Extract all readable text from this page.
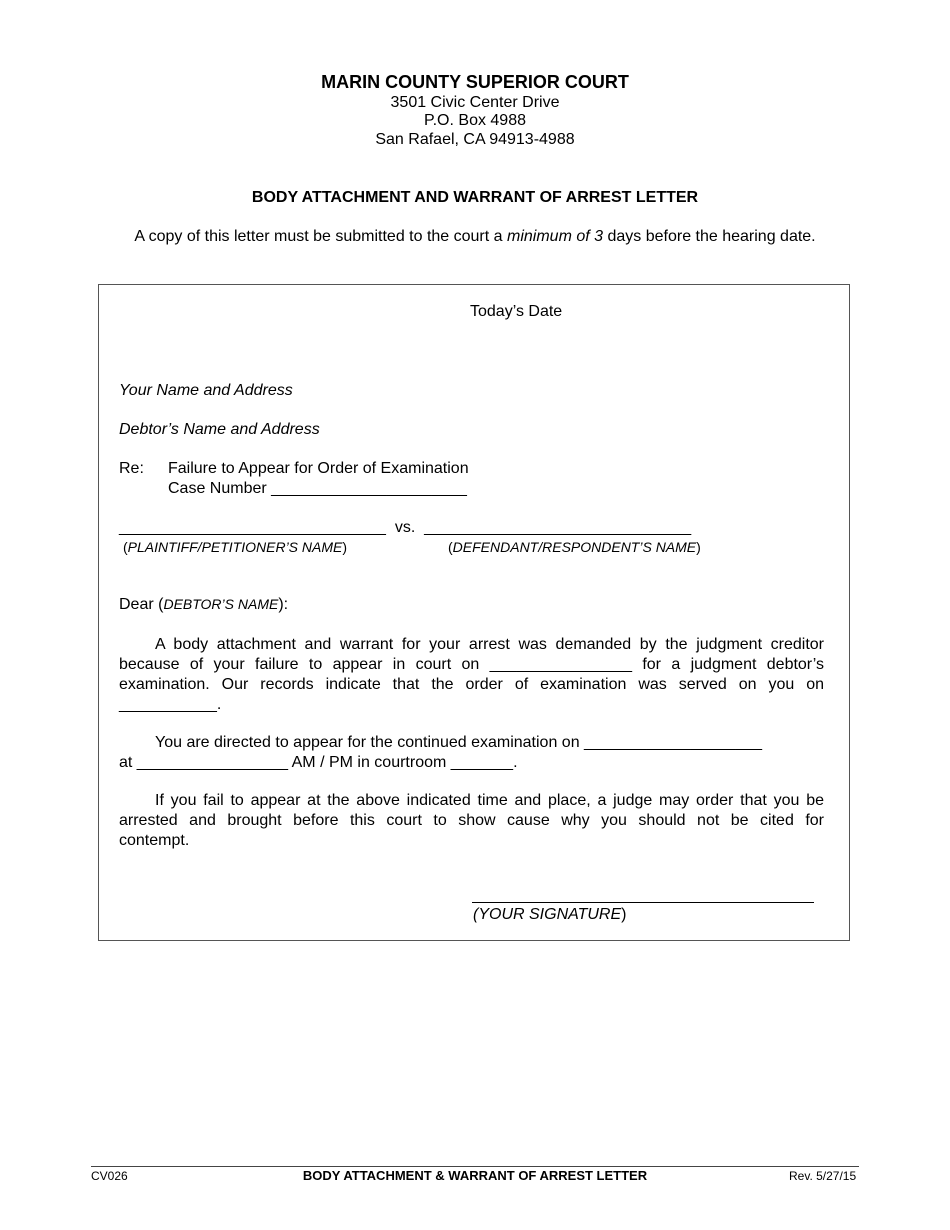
MARIN COUNTY SUPERIOR COURT
3501 Civic Center Drive
P.O. Box 4988
San Rafael, CA 94913-4988
BODY ATTACHMENT AND WARRANT OF ARREST LETTER
A copy of this letter must be submitted to the court a minimum of 3 days before the hearing date.
Today’s Date
Your Name and Address
Debtor’s Name and Address
Re: Failure to Appear for Order of Examination
Case Number ______________________
______________________________  vs.  ______________________________
(PLAINTIFF/PETITIONER’S NAME)	(DEFENDANT/RESPONDENT’S NAME)
Dear (DEBTOR’S NAME):
A body attachment and warrant for your arrest was demanded by the judgment creditor
because of your failure to appear in court on ________________ for a judgment debtor’s
examination. Our records indicate that the order of examination was served on you on
___________.
You are directed to appear for the continued examination on ____________________
at _________________ AM / PM in courtroom _______.
If you fail to appear at the above indicated time and place, a judge may order that you be
arrested and brought before this court to show cause why you should not be cited for
contempt.
(YOUR SIGNATURE)
CV026	BODY ATTACHMENT & WARRANT OF ARREST LETTER	Rev. 5/27/15
